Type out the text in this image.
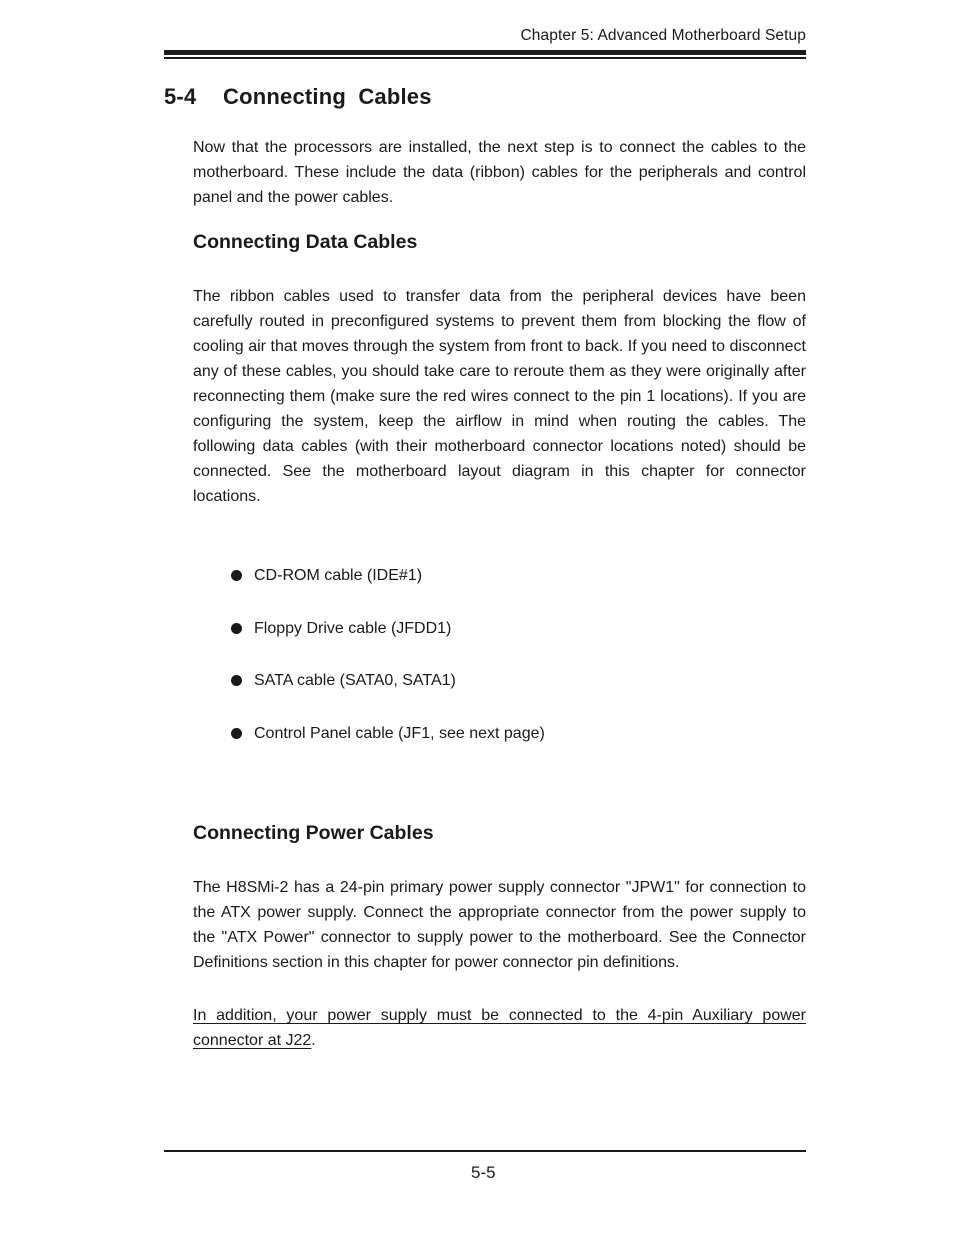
Chapter 5: Advanced Motherboard Setup
5-4 Connecting Cables

Now that the processors are installed, the next step is to connect the cables to the motherboard. These include the data (ribbon) cables for the peripherals and control panel and the power cables.

Connecting Data Cables

The ribbon cables used to transfer data from the peripheral devices have been carefully routed in preconfigured systems to prevent them from blocking the flow of cooling air that moves through the system from front to back. If you need to disconnect any of these cables, you should take care to reroute them as they were originally after reconnecting them (make sure the red wires connect to the pin 1 locations). If you are configuring the system, keep the airflow in mind when routing the cables. The following data cables (with their motherboard connector locations noted) should be connected. See the motherboard layout diagram in this chapter for connector locations.

CD-ROM cable (IDE#1)
Floppy Drive cable (JFDD1)
SATA cable (SATA0, SATA1)
Control Panel cable (JF1, see next page)
Connecting Power Cables

The H8SMi-2 has a 24-pin primary power supply connector "JPW1" for connection to the ATX power supply. Connect the appropriate connector from the power supply to the "ATX Power" connector to supply power to the motherboard. See the Connector Definitions section in this chapter for power connector pin definitions.

In addition, your power supply must be connected to the 4-pin Auxiliary power connector at J22.

5-5
